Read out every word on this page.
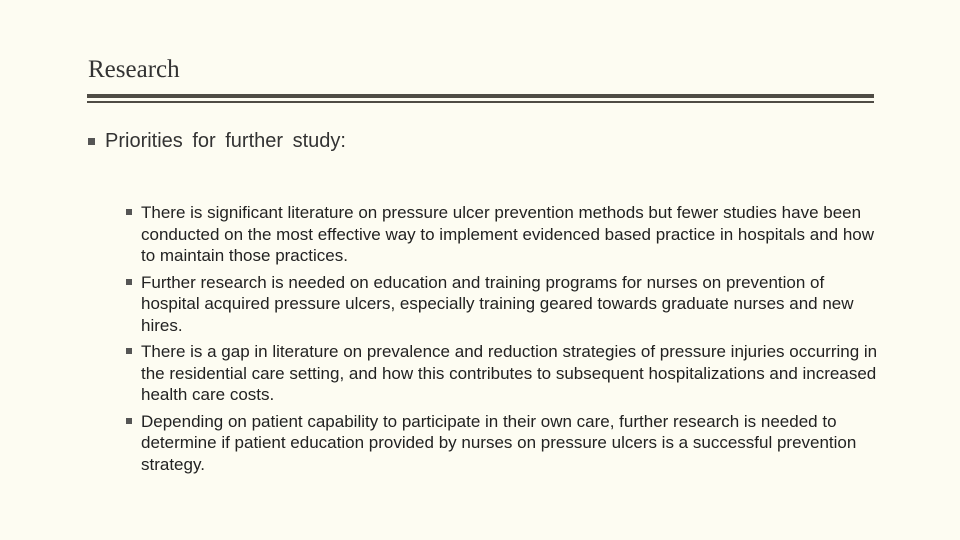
Research
Priorities for further study:
There is significant literature on pressure ulcer prevention methods but fewer studies have been conducted on the most effective way to implement evidenced based practice in hospitals and how to maintain those practices.
Further research is needed on education and training programs for nurses on prevention of hospital acquired pressure ulcers, especially training geared towards graduate nurses and new hires.
There is a gap in literature on prevalence and reduction strategies of pressure injuries occurring in the residential care setting, and how this contributes to subsequent hospitalizations and increased health care costs.
Depending on patient capability to participate in their own care, further research is needed to determine if patient education provided by nurses on pressure ulcers is a successful prevention strategy.
